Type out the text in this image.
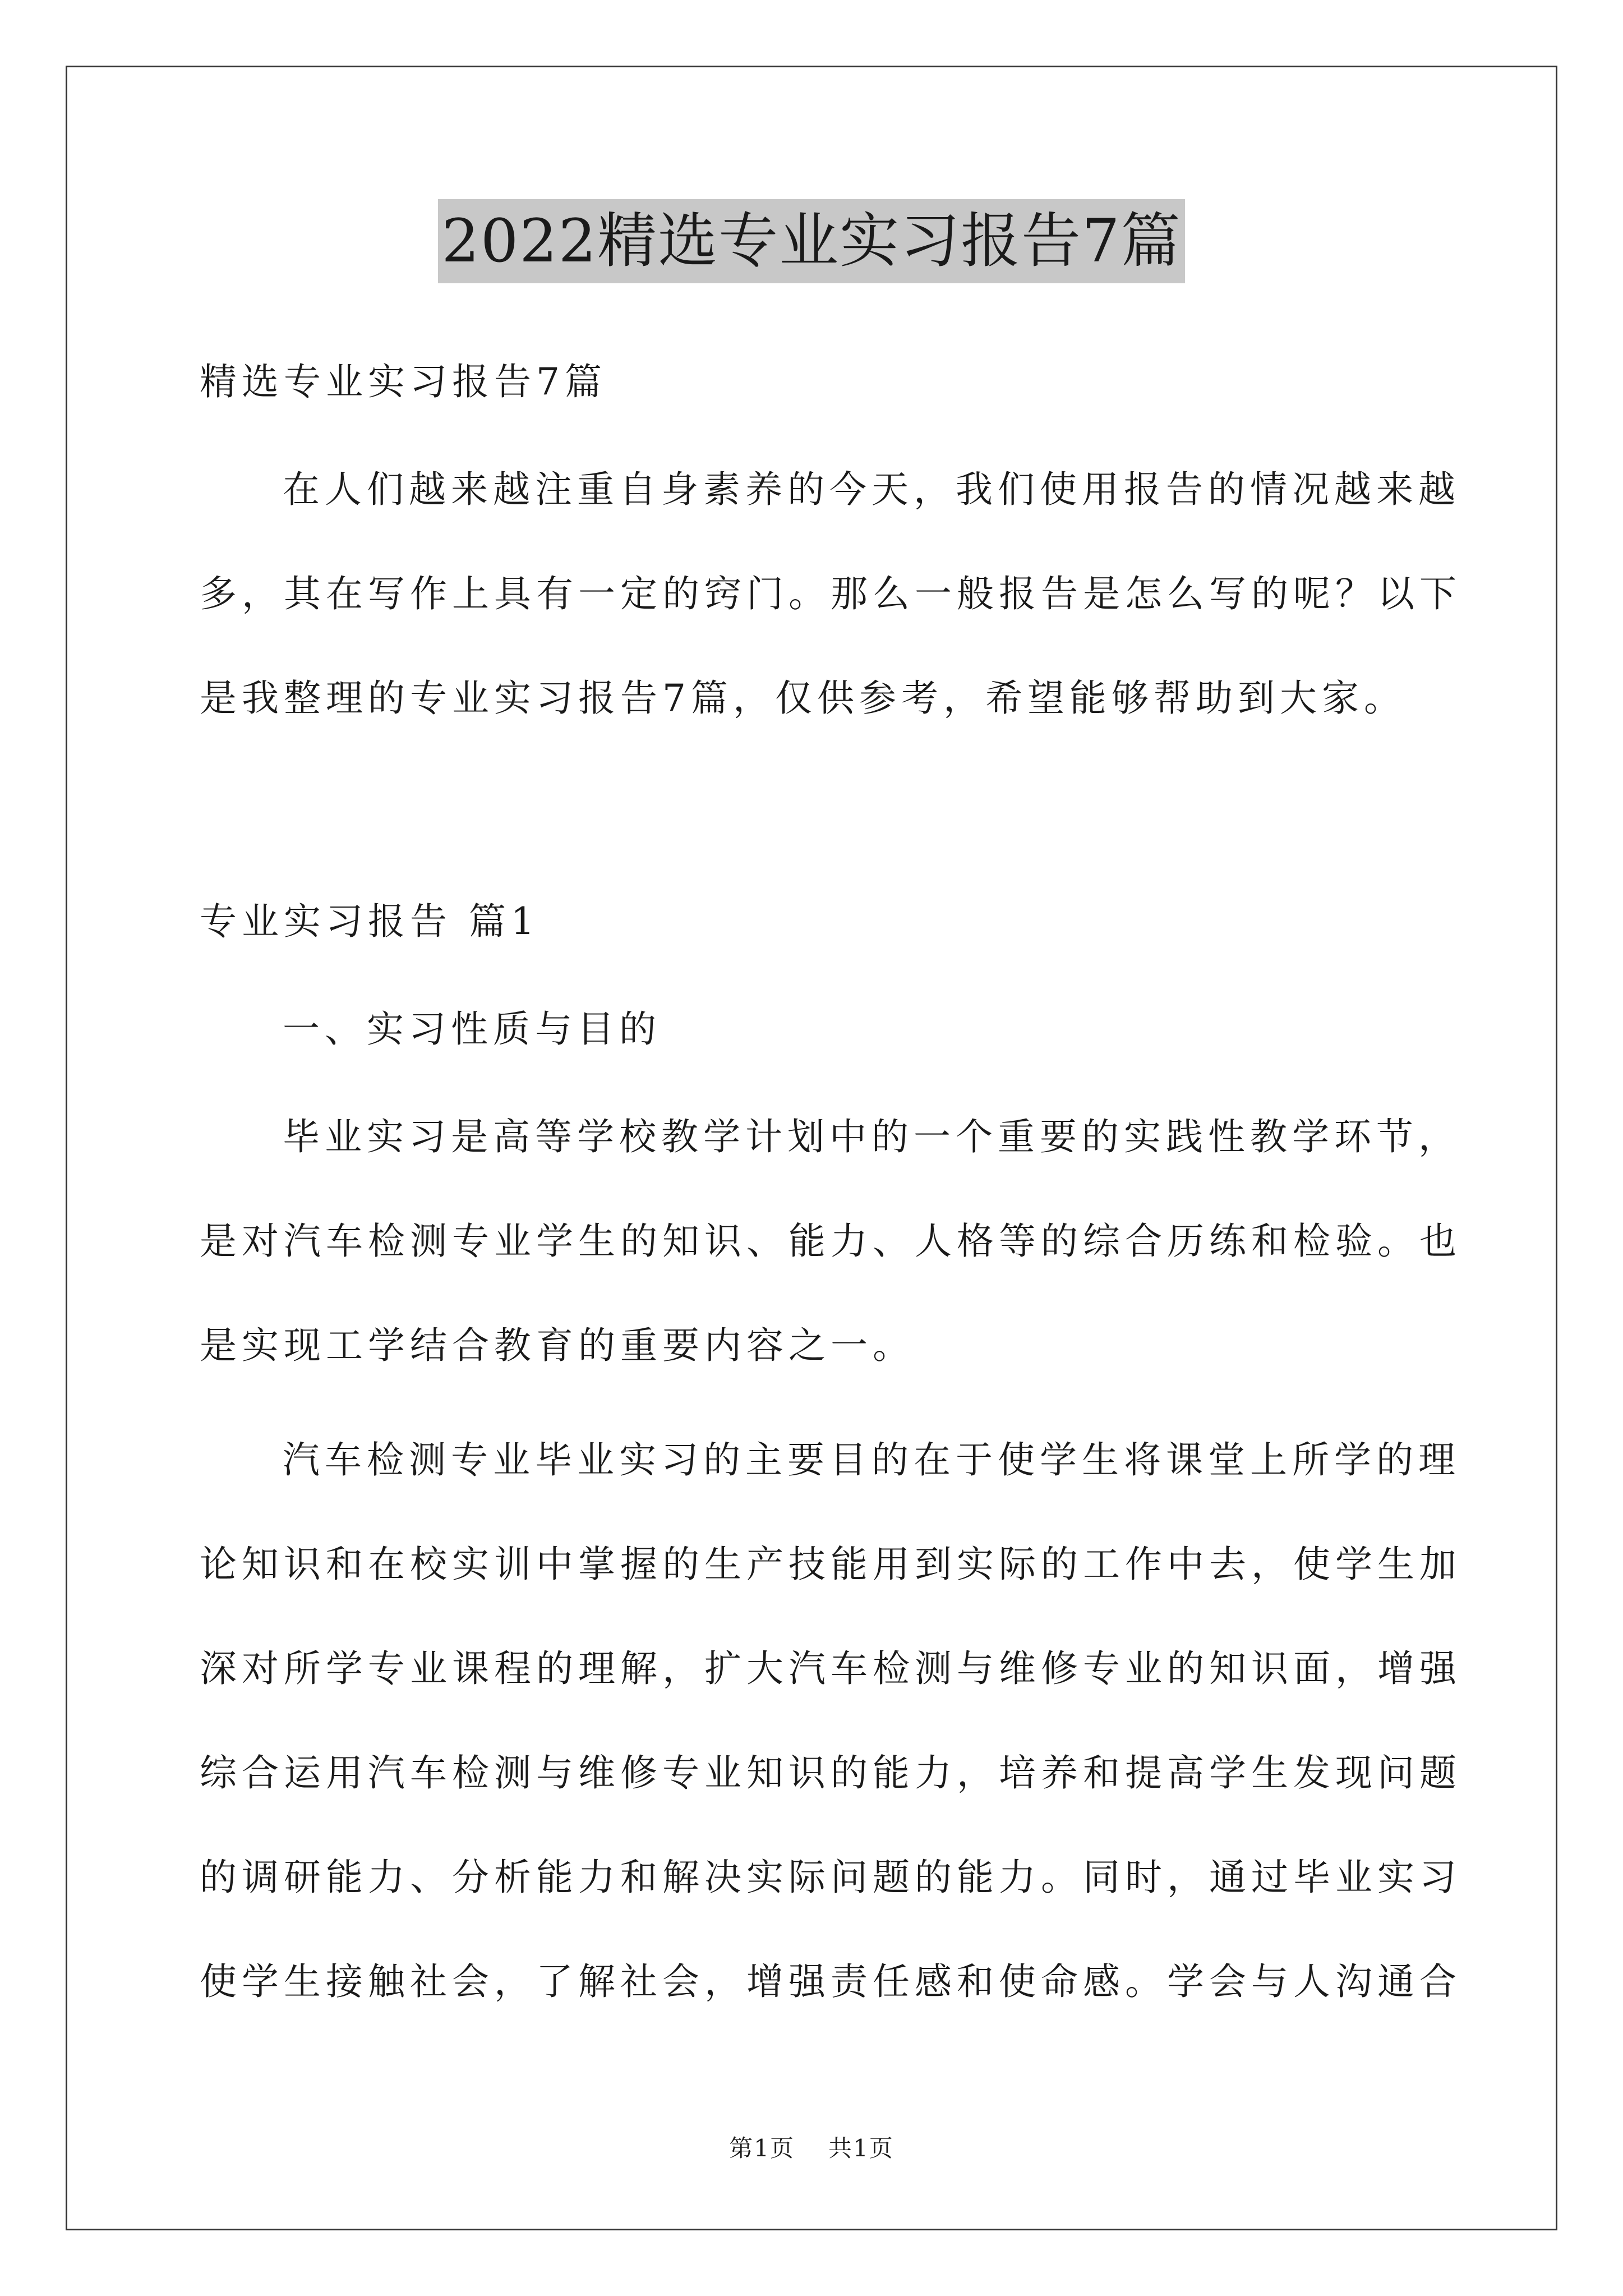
2022精选专业实习报告7篇
精选专业实习报告7篇
在人们越来越注重自身素养的今天，我们使用报告的情况越来越
多，其在写作上具有一定的窍门。那么一般报告是怎么写的呢？以下
是我整理的专业实习报告7篇，仅供参考，希望能够帮助到大家。
专业实习报告 篇1
一、实习性质与目的
毕业实习是高等学校教学计划中的一个重要的实践性教学环节，
是对汽车检测专业学生的知识、能力、人格等的综合历练和检验。也
是实现工学结合教育的重要内容之一。
汽车检测专业毕业实习的主要目的在于使学生将课堂上所学的理
论知识和在校实训中掌握的生产技能用到实际的工作中去，使学生加
深对所学专业课程的理解，扩大汽车检测与维修专业的知识面，增强
综合运用汽车检测与维修专业知识的能力，培养和提高学生发现问题
的调研能力、分析能力和解决实际问题的能力。同时，通过毕业实习
使学生接触社会，了解社会，增强责任感和使命感。学会与人沟通合
第1页 共1页
